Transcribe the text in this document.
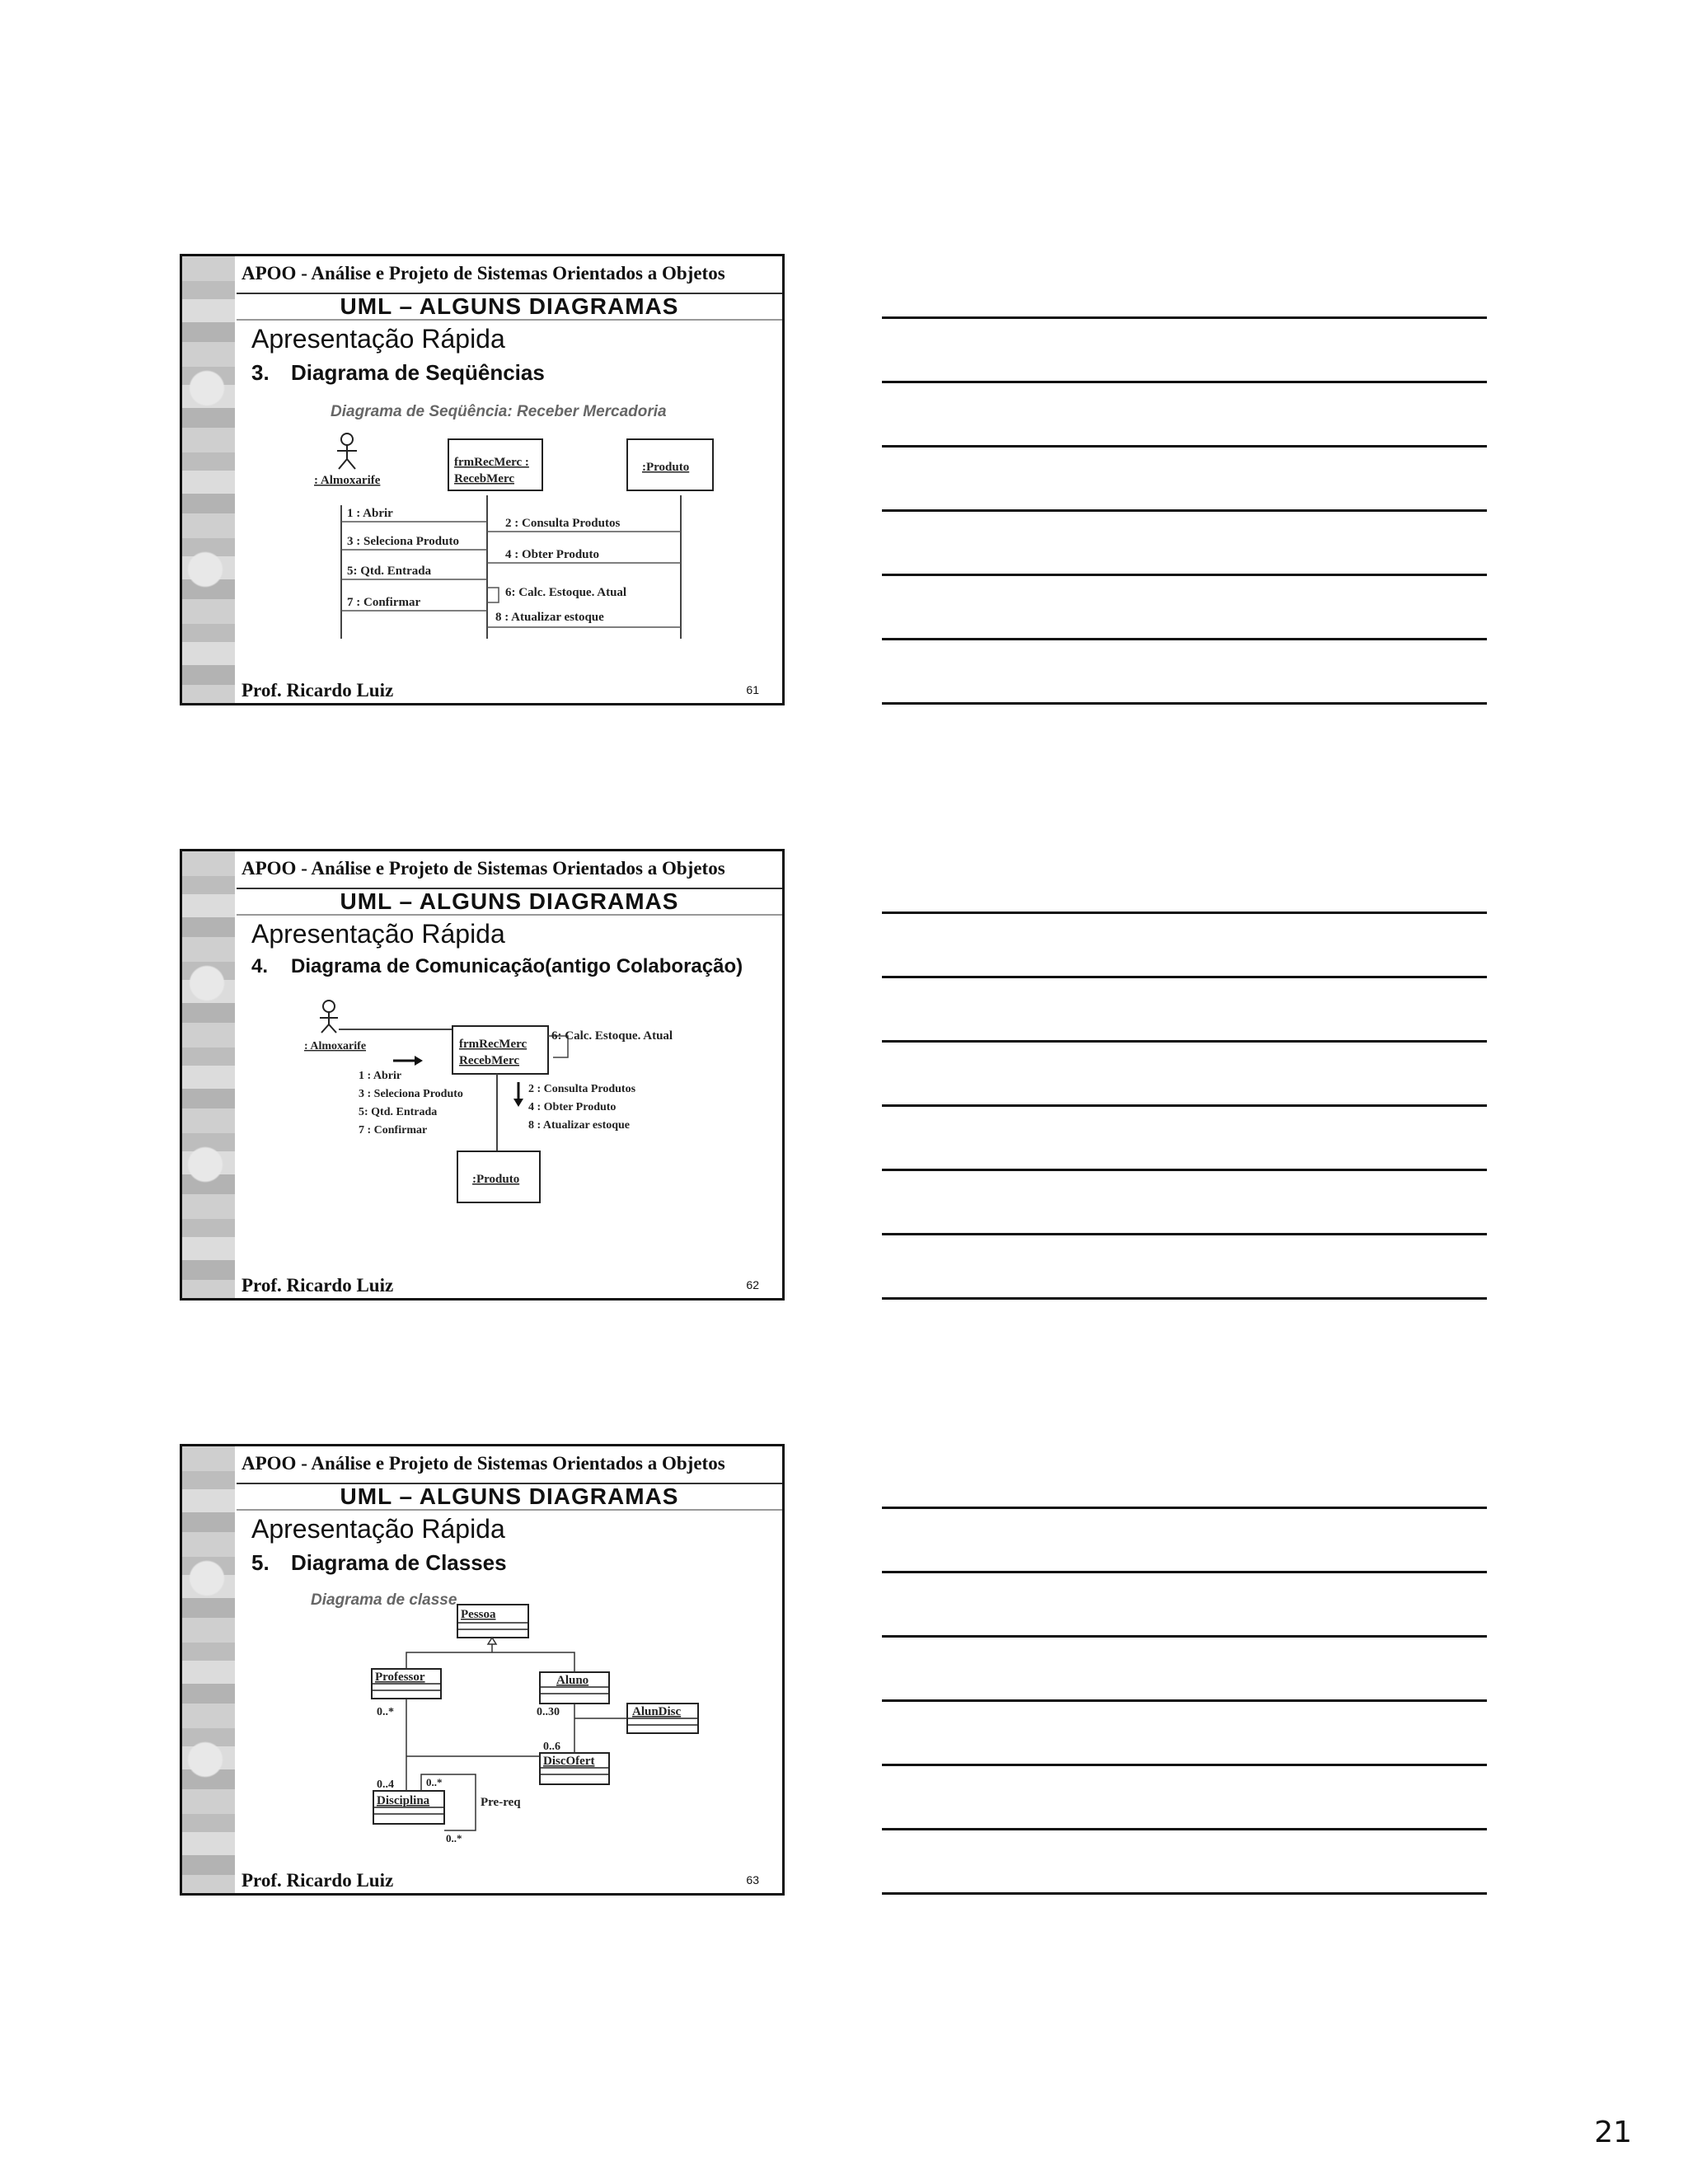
APOO - Análise e Projeto de Sistemas Orientados a Objetos
UML – ALGUNS DIAGRAMAS
Apresentação Rápida
3. Diagrama de Seqüências
Diagrama de Seqüência: Receber Mercadoria
: Almoxarife
frmRecMerc :
RecebMerc
:Produto
1 : Abrir
2 : Consulta Produtos
3 : Seleciona Produto
4 : Obter Produto
5: Qtd. Entrada
6: Calc. Estoque. Atual
7 : Confirmar
8 : Atualizar estoque
Prof. Ricardo Luiz	61
APOO - Análise e Projeto de Sistemas Orientados a Objetos
UML – ALGUNS DIAGRAMAS
Apresentação Rápida
4. Diagrama de Comunicação(antigo Colaboração)
: Almoxarife	frmRecMerc
RecebMerc
6: Calc. Estoque. Atual
:Produto
1 : Abrir
3 : Seleciona Produto
5: Qtd. Entrada
7 : Confirmar
2 : Consulta Produtos
4 : Obter Produto
8 : Atualizar estoque
Prof. Ricardo Luiz	62
APOO - Análise e Projeto de Sistemas Orientados a Objetos
UML – ALGUNS DIAGRAMAS
Apresentação Rápida
5. Diagrama de Classes
Diagrama de classe
Pessoa
Professor	Aluno
AlunDisc
DiscOfert
Disciplina
0..*	0..30
0..6
0..4	0..*
0..*
Pre-req
Prof. Ricardo Luiz	63
21
